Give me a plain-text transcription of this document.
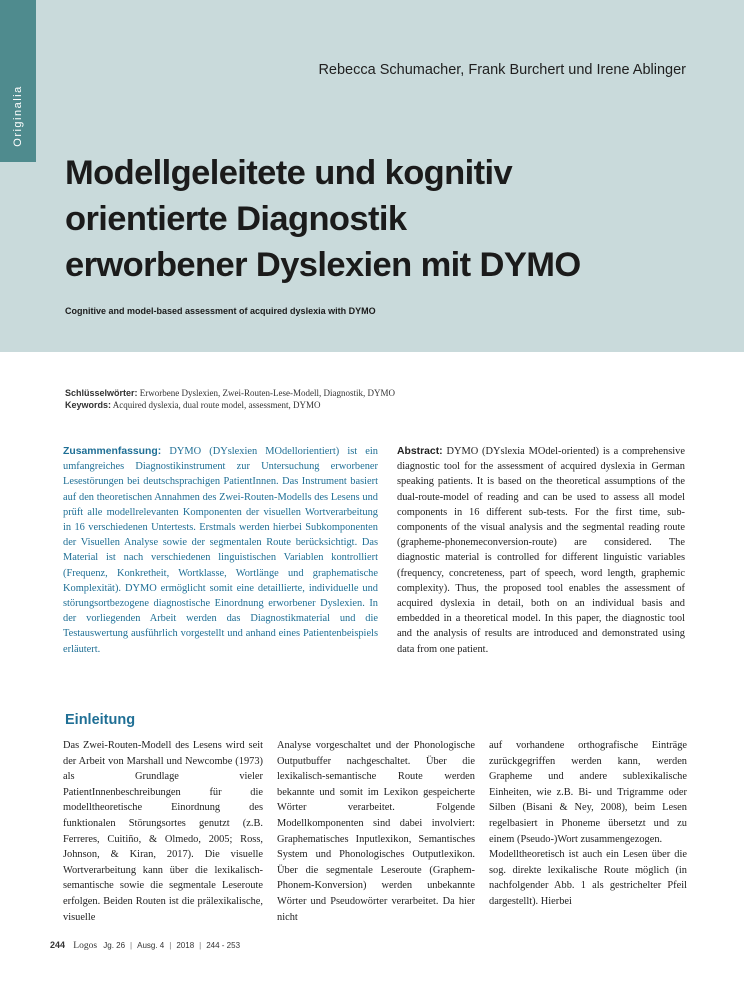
Originalia
Rebecca Schumacher, Frank Burchert und Irene Ablinger
Modellgeleitete und kognitiv
orientierte Diagnostik
erworbener Dyslexien mit DYMO
Cognitive and model-based assessment of acquired dyslexia with DYMO
Schlüsselwörter: Erworbene Dyslexien, Zwei-Routen-Lese-Modell, Diagnostik, DYMO
Keywords: Acquired dyslexia, dual route model, assessment, DYMO
Zusammenfassung: DYMO (DYslexien MOdellorientiert) ist ein umfangreiches Diagnostikinstrument zur Untersuchung erworbener Lesestörungen bei deutschsprachigen PatientInnen. Das Instrument basiert auf den theoretischen Annahmen des Zwei-Routen-Modells des Lesens und prüft alle modellrelevanten Komponenten der visuellen Wortverarbeitung in 16 verschiedenen Untertests. Erstmals werden hierbei Subkomponenten der Visuellen Analyse sowie der segmentalen Route berücksichtigt. Das Material ist nach verschiedenen linguistischen Variablen kontrolliert (Frequenz, Konkretheit, Wortklasse, Wortlänge und graphematische Komplexität). DYMO ermöglicht somit eine detaillierte, individuelle und störungsortbezogene diagnostische Einordnung erworbener Dyslexien. In der vorliegenden Arbeit werden das Diagnostikmaterial und die Testauswertung ausführlich vorgestellt und anhand eines Patientenbeispiels erläutert.
Abstract: DYMO (DYslexia MOdel-oriented) is a comprehensive diagnostic tool for the assessment of acquired dyslexia in German speaking patients. It is based on the theoretical assumptions of the dual-route-model of reading and can be used to assess all model components in 16 different sub-tests. For the first time, sub-components of the visual analysis and the segmental reading route (grapheme-phonemeconversion-route) are considered. The diagnostic material is controlled for different linguistic variables (frequency, concreteness, part of speech, word length, graphemic complexity). Thus, the proposed tool enables the assessment of acquired dyslexia in detail, both on an individual basis and embedded in a theoretical model. In this paper, the diagnostic tool and the analysis of results are introduced and demonstrated using data from one patient.
Einleitung

Das Zwei-Routen-Modell des Lesens wird seit der Arbeit von Marshall und Newcombe (1973) als Grundlage vieler PatientInnenbeschreibungen für die modelltheoretische Einordnung des funktionalen Störungsortes genutzt (z.B. Ferreres, Cuitiño, & Olmedo, 2005; Ross, Johnson, & Kiran, 2017). Die visuelle Wortverarbeitung kann über die lexikalisch-semantische sowie die segmentale Leseroute erfolgen. Beiden Routen ist die prälexikalische, visuelle

Analyse vorgeschaltet und der Phonologische Outputbuffer nachgeschaltet. Über die lexikalisch-semantische Route werden bekannte und somit im Lexikon gespeicherte Wörter verarbeitet. Folgende Modellkomponenten sind dabei involviert: Graphematisches Inputlexikon, Semantisches System und Phonologisches Outputlexikon. Über die segmentale Leseroute (Graphem-Phonem-Konversion) werden unbekannte Wörter und Pseudowörter verarbeitet. Da hier nicht

auf vorhandene orthografische Einträge zurückgegriffen werden kann, werden Grapheme und andere sublexikalische Einheiten, wie z.B. Bi- und Trigramme oder Silben (Bisani & Ney, 2008), beim Lesen regelbasiert in Phoneme übersetzt und zu einem (Pseudo-)Wort zusammengezogen.

Modelltheoretisch ist auch ein Lesen über die sog. direkte lexikalische Route möglich (in nachfolgender Abb. 1 als gestrichelter Pfeil dargestellt). Hierbei

244 Logos Jg. 26 | Ausg. 4 | 2018 | 244 - 253
